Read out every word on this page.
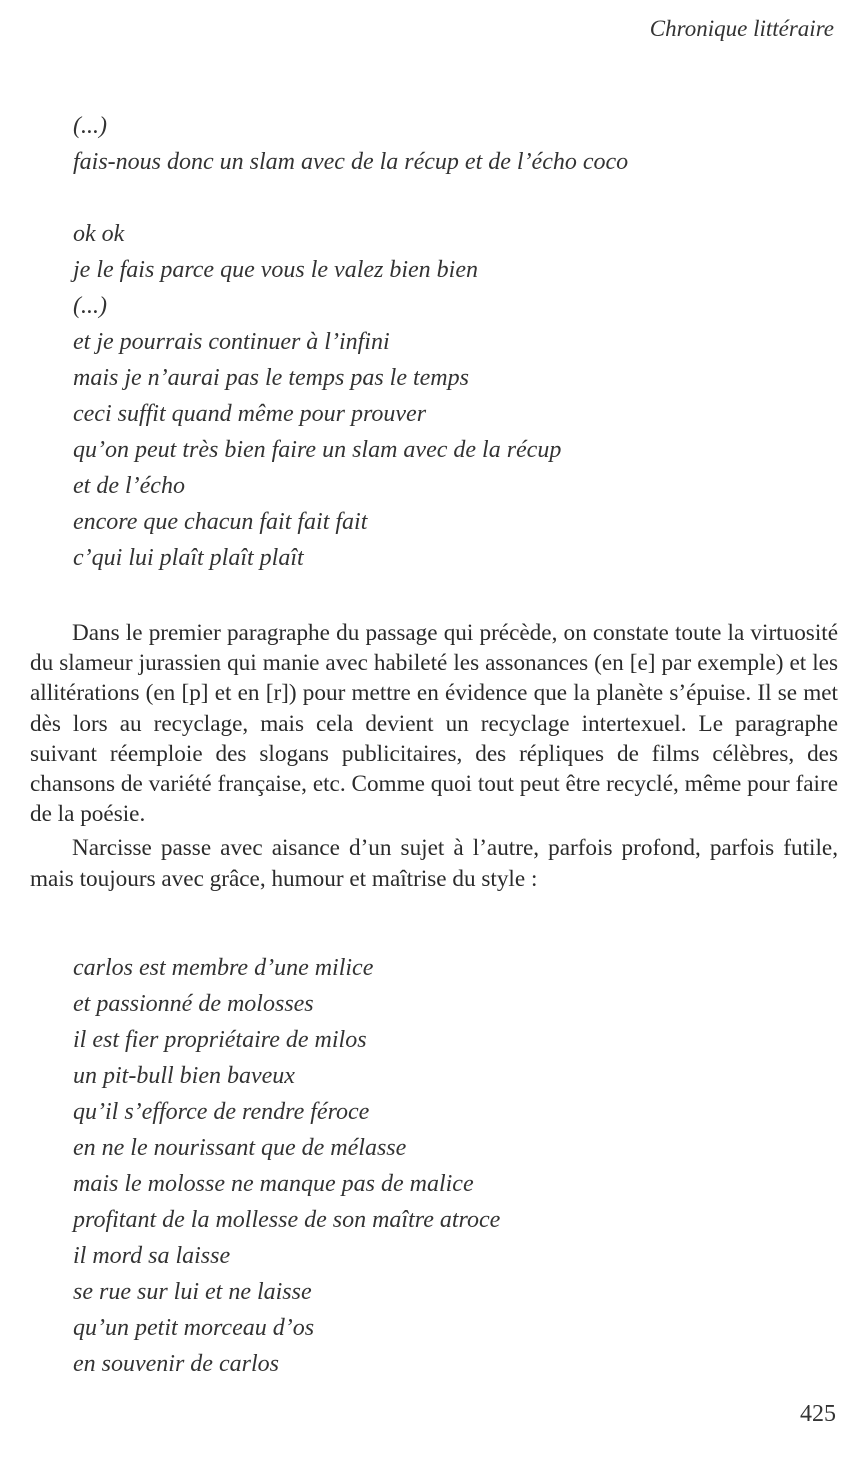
Chronique littéraire
(...)
fais-nous donc un slam avec de la récup et de l’écho coco
ok ok
je le fais parce que vous le valez bien bien
(...)
et je pourrais continuer à l’infini
mais je n’aurai pas le temps pas le temps
ceci suffit quand même pour prouver
qu’on peut très bien faire un slam avec de la récup
et de l’écho
encore que chacun fait fait fait
c’qui lui plaît plaît plaît

Dans le premier paragraphe du passage qui précède, on constate toute la virtuosité du slameur jurassien qui manie avec habileté les assonances (en [e] par exemple) et les allitérations (en [p] et en [r]) pour mettre en évidence que la planète s’épuise. Il se met dès lors au recyclage, mais cela devient un recyclage intertexuel. Le paragraphe suivant réemploie des slogans publicitaires, des répliques de films célèbres, des chansons de variété française, etc. Comme quoi tout peut être recyclé, même pour faire de la poésie.

Narcisse passe avec aisance d’un sujet à l’autre, parfois profond, parfois futile, mais toujours avec grâce, humour et maîtrise du style :

carlos est membre d’une milice
et passionné de molosses
il est fier propriétaire de milos
un pit-bull bien baveux
qu’il s’efforce de rendre féroce
en ne le nourissant que de mélasse
mais le molosse ne manque pas de malice
profitant de la mollesse de son maître atroce
il mord sa laisse
se rue sur lui et ne laisse
qu’un petit morceau d’os
en souvenir de carlos
425
